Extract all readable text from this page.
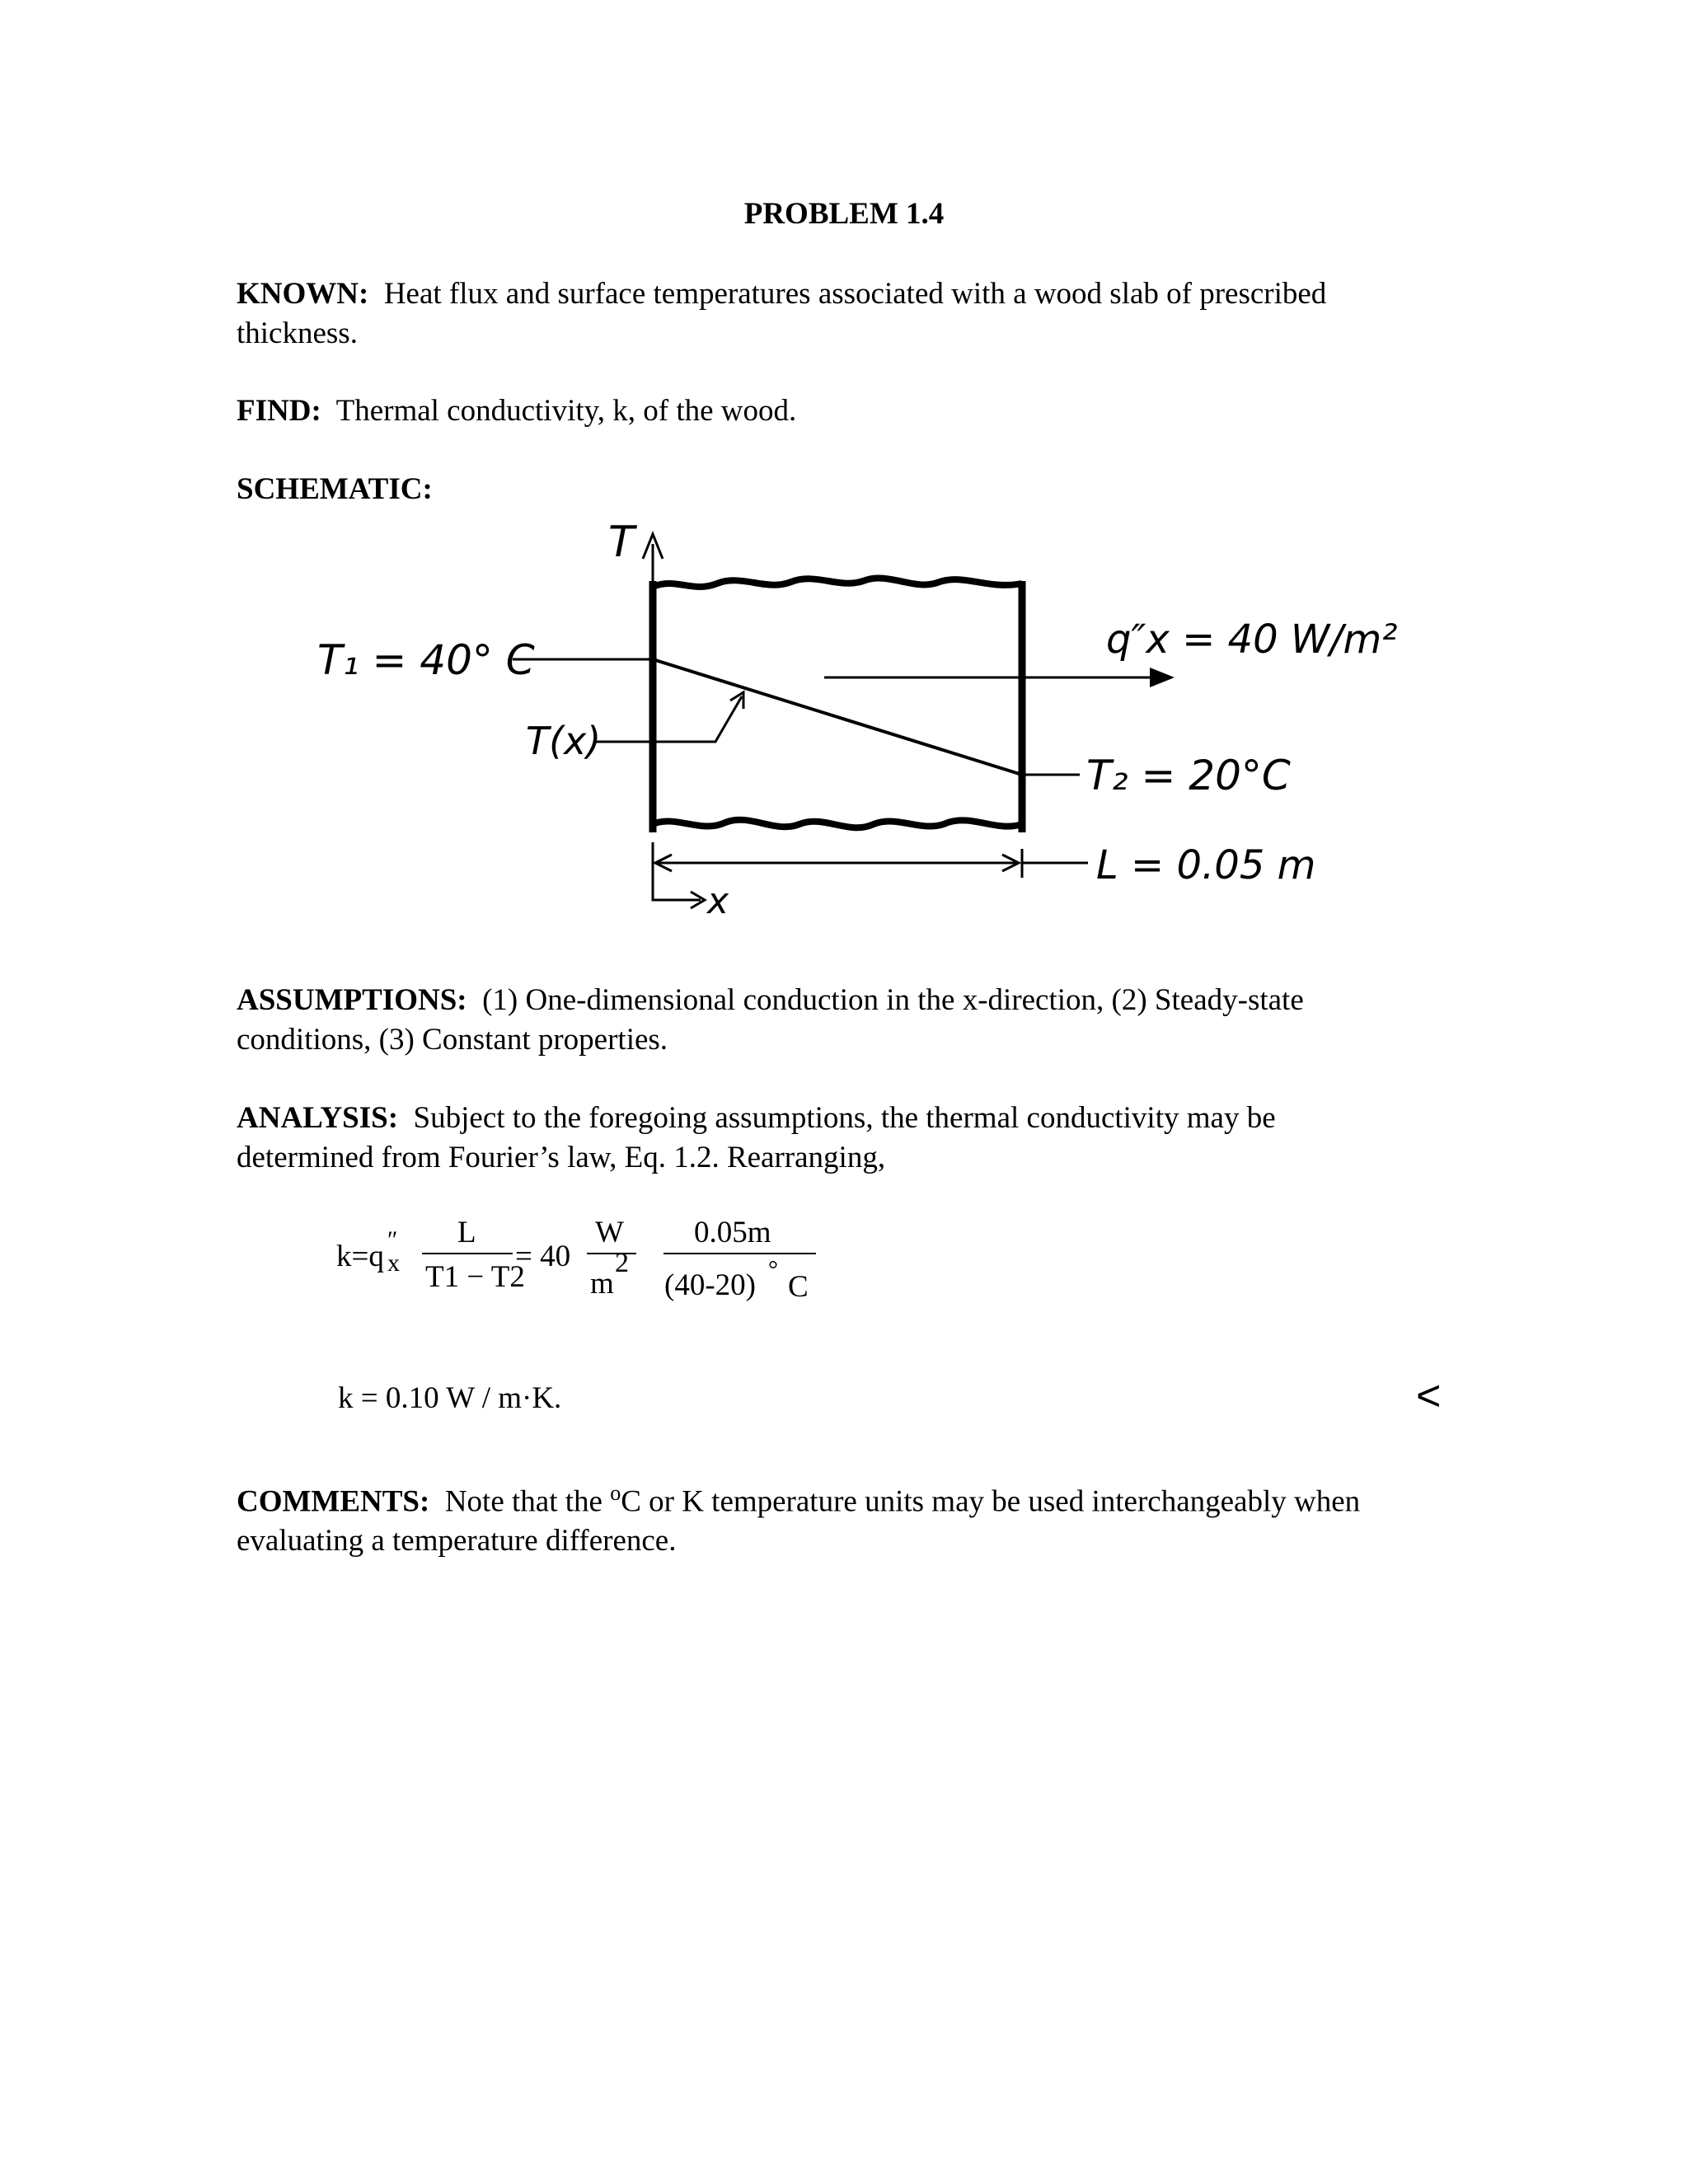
PROBLEM 1.4
KNOWN: Heat flux and surface temperatures associated with a wood slab of prescribed
thickness.
FIND: Thermal conductivity, k, of the wood.
SCHEMATIC:
T
T₁ = 40° C
T(x)
q″x = 40 W/m²
T₂ = 20°C
L = 0.05 m
x
ASSUMPTIONS: (1) One-dimensional conduction in the x-direction, (2) Steady-state
conditions, (3) Constant properties.
ANALYSIS: Subject to the foregoing assumptions, the thermal conductivity may be
determined from Fourier’s law, Eq. 1.2. Rearranging,
k=q ″
x
L
T1 − T2
= 40
W
m
2
0.05m
(40-20) °
C
k = 0.10 W / m·K.	<
COMMENTS: Note that the $^o$C or K temperature units may be used interchangeably when
evaluating a temperature difference.
